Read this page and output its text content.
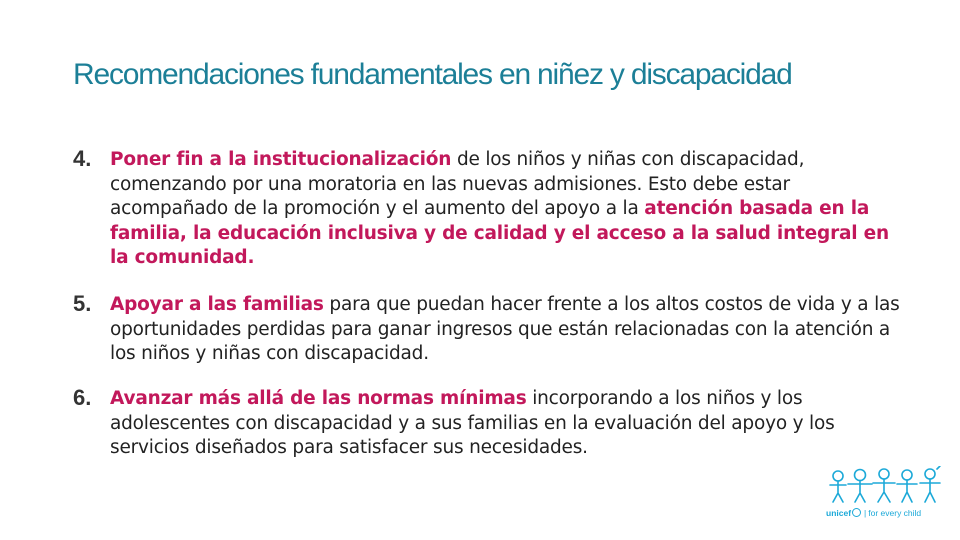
Recomendaciones fundamentales en niñez y discapacidad
4. Poner fin a la institucionalización de los niños y niñas con discapacidad, comenzando por una moratoria en las nuevas admisiones. Esto debe estar acompañado de la promoción y el aumento del apoyo a la atención basada en la familia, la educación inclusiva y de calidad y el acceso a la salud integral en la comunidad.
5. Apoyar a las familias para que puedan hacer frente a los altos costos de vida y a las oportunidades perdidas para ganar ingresos que están relacionadas con la atención a los niños y niñas con discapacidad.
6. Avanzar más allá de las normas mínimas incorporando a los niños y los adolescentes con discapacidad y a sus familias en la evaluación del apoyo y los servicios diseñados para satisfacer sus necesidades.
unicef | for every child
